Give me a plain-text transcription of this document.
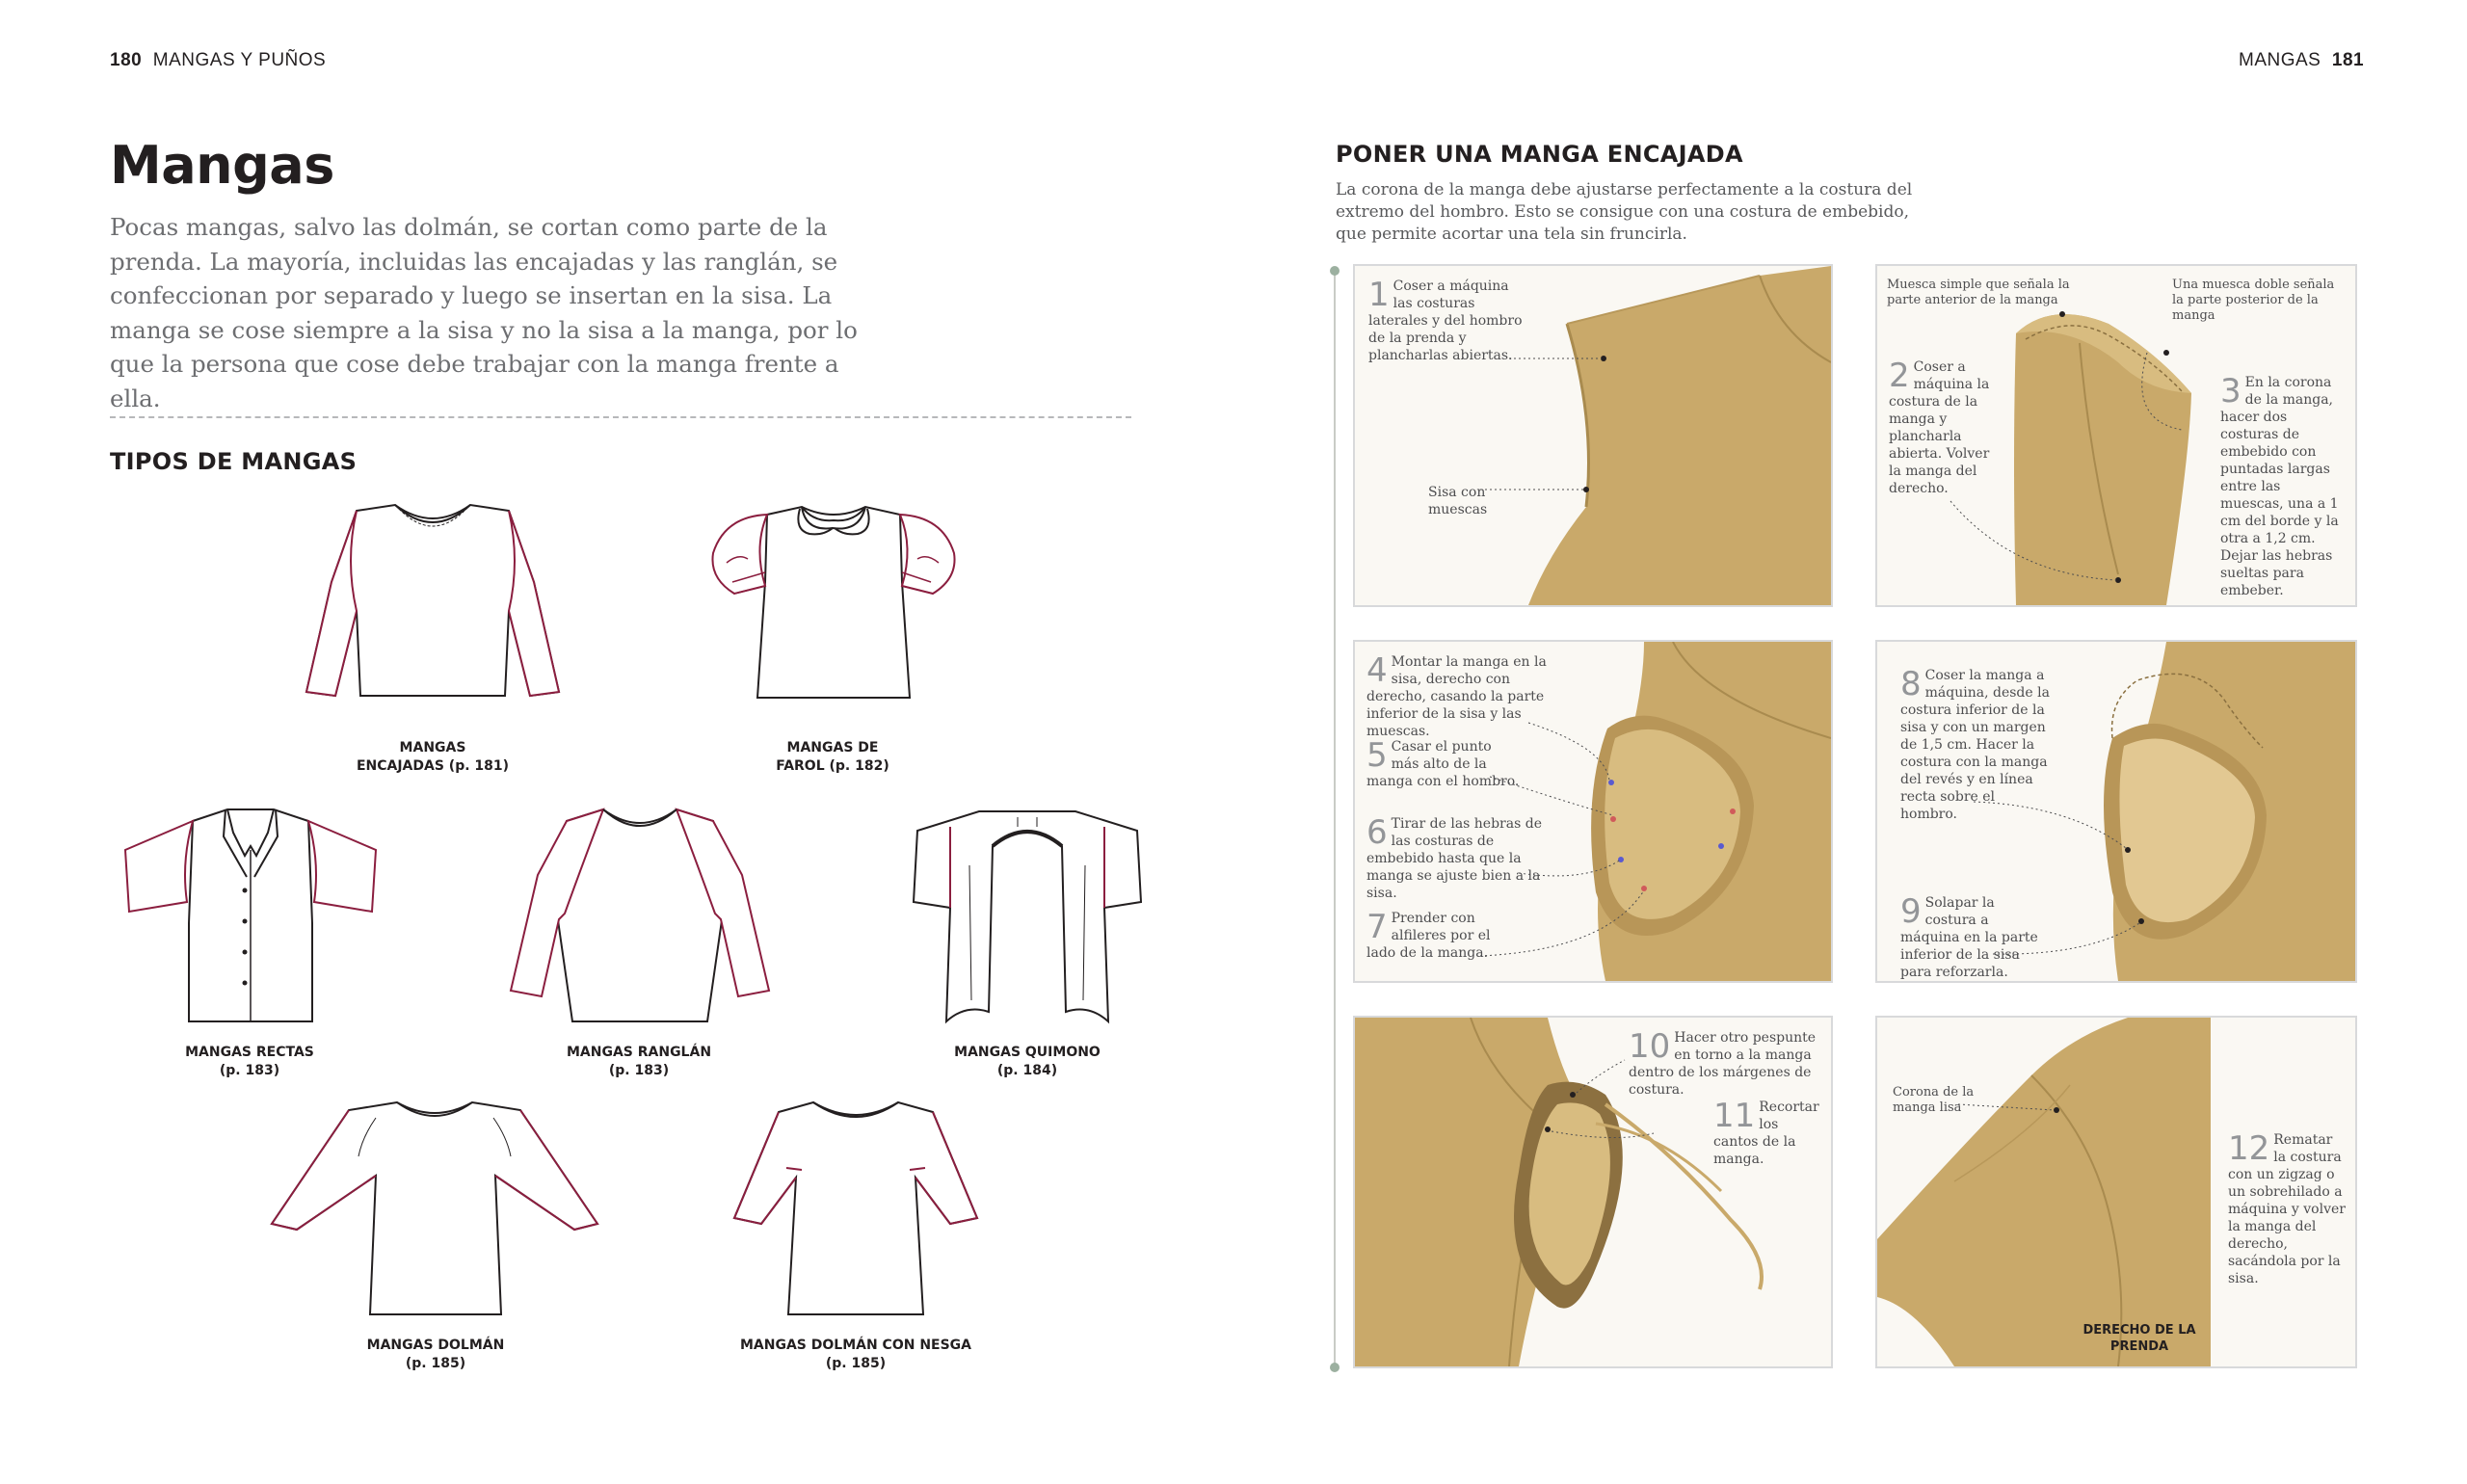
180 MANGAS Y PUÑOS	MANGAS 181
Mangas
Pocas mangas, salvo las dolmán, se cortan como parte de la prenda. La mayoría, incluidas las encajadas y las ranglán, se confeccionan por separado y luego se insertan en la sisa. La manga se cose siempre a la sisa y no la sisa a la manga, por lo que la persona que cose debe trabajar con la manga frente a ella.
TIPOS DE MANGAS
MANGAS
ENCAJADAS (p. 181)
MANGAS DE
FAROL (p. 182)
MANGAS RECTAS
(p. 183)
MANGAS RANGLÁN
(p. 183)
MANGAS QUIMONO
(p. 184)
MANGAS DOLMÁN
(p. 185)
MANGAS DOLMÁN CON NESGA
(p. 185)
PONER UNA MANGA ENCAJADA
La corona de la manga debe ajustarse perfectamente a la costura del extremo del hombro. Esto se consigue con una costura de embebido, que permite acortar una tela sin fruncirla.
1 Coser a máquina las costuras laterales y del hombro de la prenda y plancharlas abiertas.
Sisa con muescas
Muesca simple que señala la parte anterior de la manga
Una muesca doble señala la parte posterior de la manga
2 Coser a máquina la costura de la manga y plancharla abierta. Volver la manga del derecho.
3 En la corona de la manga, hacer dos costuras de embebido con puntadas largas entre las muescas, una a 1 cm del borde y la otra a 1,2 cm. Dejar las hebras sueltas para embeber.
4 Montar la manga en la sisa, derecho con derecho, casando la parte inferior de la sisa y las muescas.
5 Casar el punto más alto de la manga con el hombro.
6 Tirar de las hebras de las costuras de embebido hasta que la manga se ajuste bien a la sisa.
7 Prender con alfileres por el lado de la manga.
8 Coser la manga a máquina, desde la costura inferior de la sisa y con un margen de 1,5 cm. Hacer la costura con la manga del revés y en línea recta sobre el hombro.
9 Solapar la costura a máquina en la parte inferior de la sisa para reforzarla.
10 Hacer otro pespunte en torno a la manga dentro de los márgenes de costura.
11 Recortar los cantos de la manga.
Corona de la manga lisa
DERECHO DE LA PRENDA
12 Rematar la costura con un zigzag o un sobrehilado a máquina y volver la manga del derecho, sacándola por la sisa.
